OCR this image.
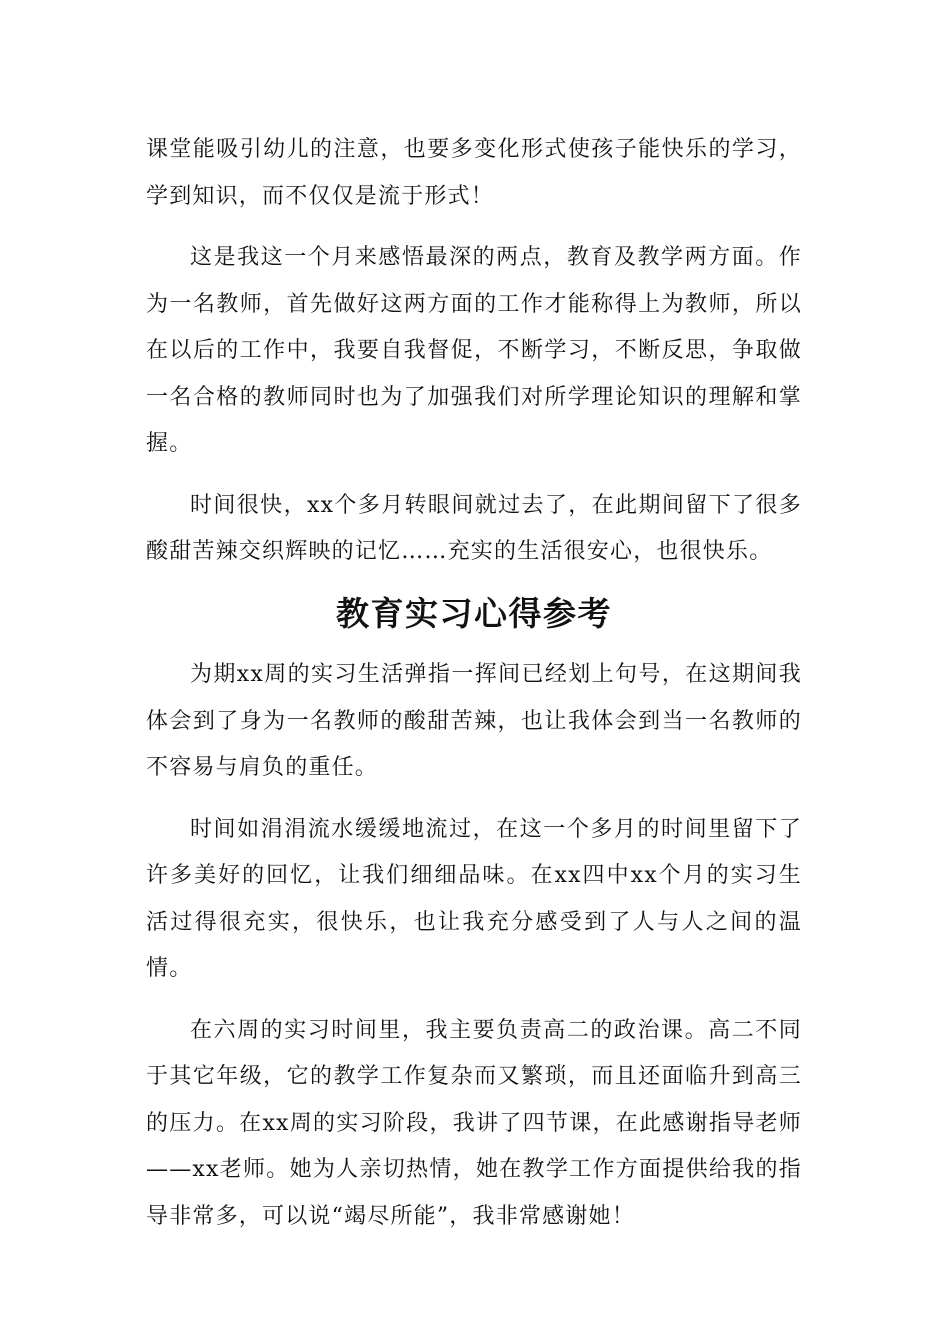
课堂能吸引幼儿的注意，也要多变化形式使孩子能快乐的学习，学到知识，而不仅仅是流于形式！

这是我这一个月来感悟最深的两点，教育及教学两方面。作为一名教师，首先做好这两方面的工作才能称得上为教师，所以在以后的工作中，我要自我督促，不断学习，不断反思，争取做一名合格的教师同时也为了加强我们对所学理论知识的理解和掌握。

时间很快，xx个多月转眼间就过去了，在此期间留下了很多酸甜苦辣交织辉映的记忆……充实的生活很安心，也很快乐。

教育实习心得参考

为期xx周的实习生活弹指一挥间已经划上句号，在这期间我体会到了身为一名教师的酸甜苦辣，也让我体会到当一名教师的不容易与肩负的重任。

时间如涓涓流水缓缓地流过，在这一个多月的时间里留下了许多美好的回忆，让我们细细品味。在xx四中xx个月的实习生活过得很充实，很快乐，也让我充分感受到了人与人之间的温情。

在六周的实习时间里，我主要负责高二的政治课。高二不同于其它年级，它的教学工作复杂而又繁琐，而且还面临升到高三的压力。在xx周的实习阶段，我讲了四节课，在此感谢指导老师——xx老师。她为人亲切热情，她在教学工作方面提供给我的指导非常多，可以说“竭尽所能”，我非常感谢她！
